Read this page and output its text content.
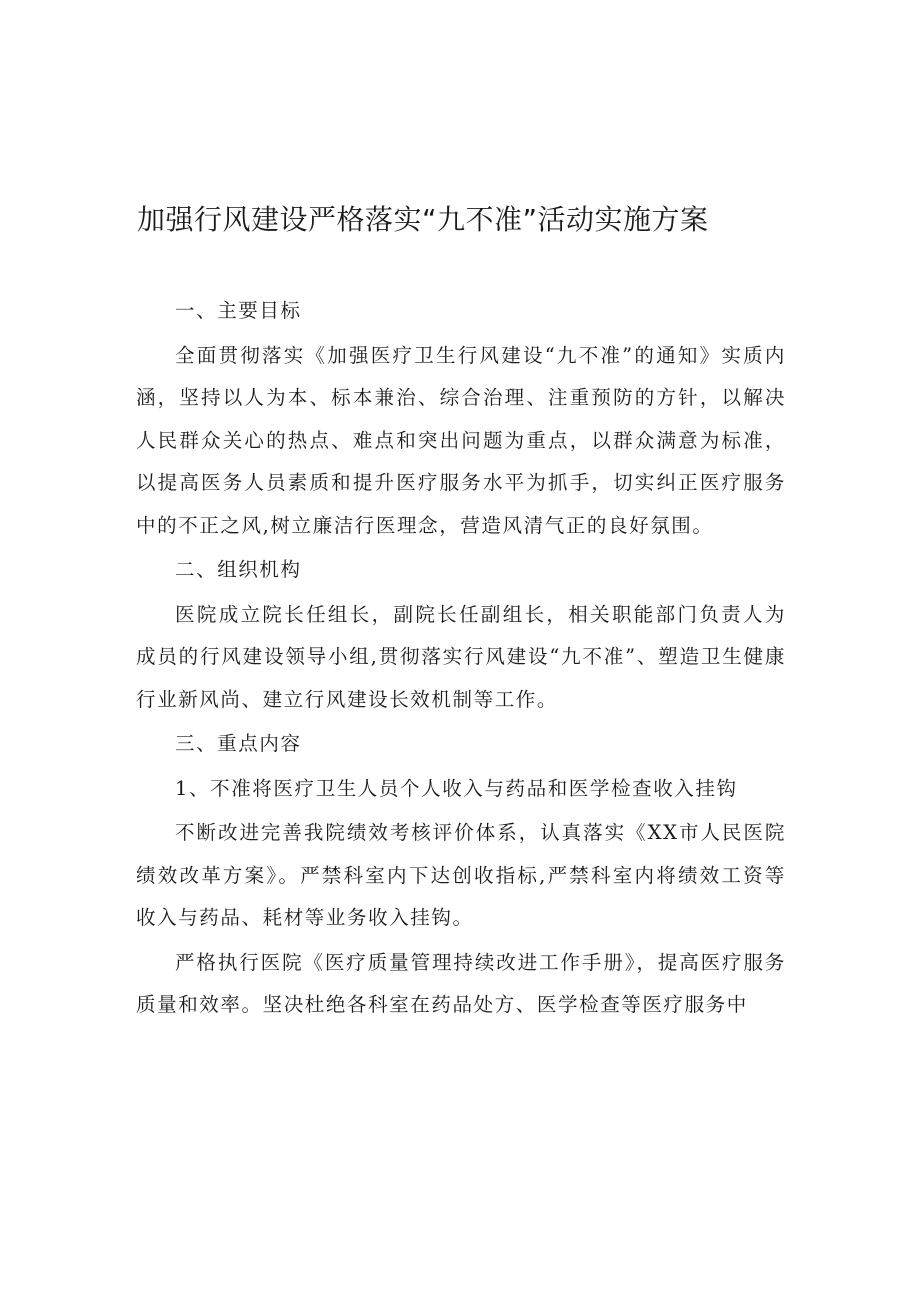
加强行风建设严格落实“九不准”活动实施方案

一、主要目标

全面贯彻落实《加强医疗卫生行风建设“九不准”的通知》实质内涵，坚持以人为本、标本兼治、综合治理、注重预防的方针，以解决人民群众关心的热点、难点和突出问题为重点，以群众满意为标准，以提高医务人员素质和提升医疗服务水平为抓手，切实纠正医疗服务中的不正之风,树立廉洁行医理念，营造风清气正的良好氛围。

二、组织机构

医院成立院长任组长，副院长任副组长，相关职能部门负责人为成员的行风建设领导小组,贯彻落实行风建设“九不准”、塑造卫生健康行业新风尚、建立行风建设长效机制等工作。

三、重点内容

1、不准将医疗卫生人员个人收入与药品和医学检查收入挂钩

不断改进完善我院绩效考核评价体系，认真落实《XX市人民医院绩效改革方案》。严禁科室内下达创收指标,严禁科室内将绩效工资等收入与药品、耗材等业务收入挂钩。

严格执行医院《医疗质量管理持续改进工作手册》，提高医疗服务质量和效率。坚决杜绝各科室在药品处方、医学检查等医疗服务中
